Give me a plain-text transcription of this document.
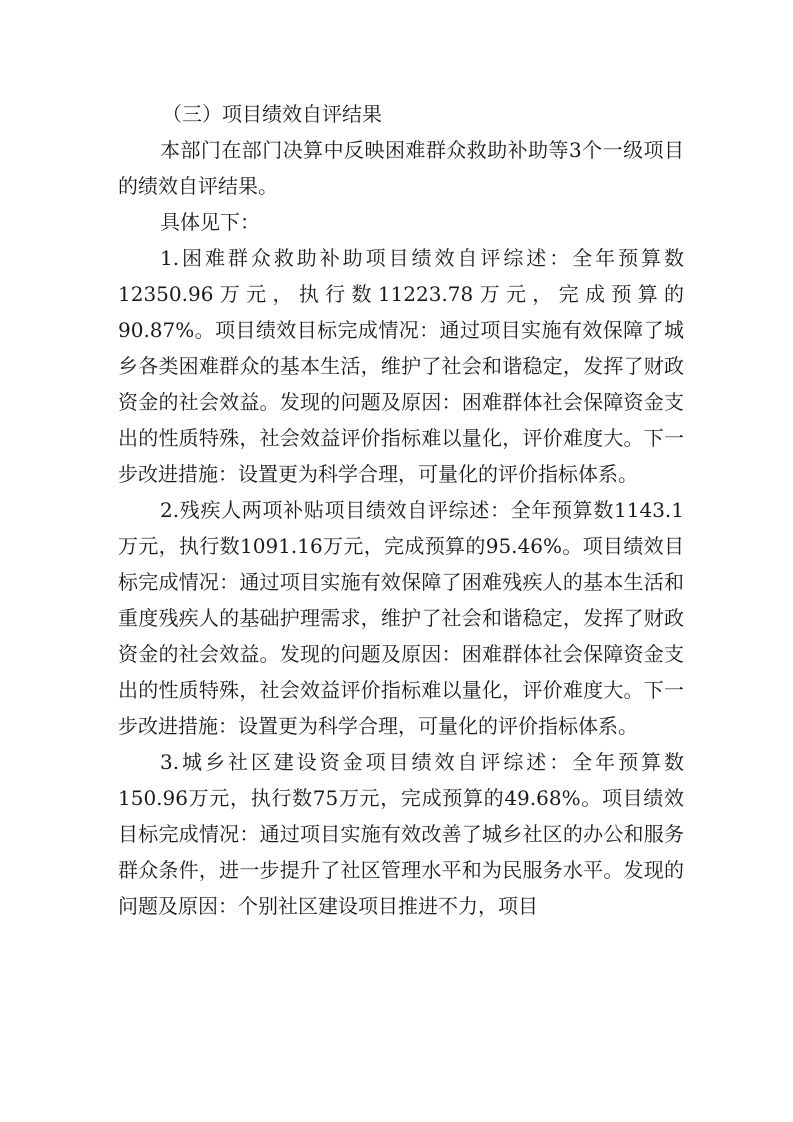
（三）项目绩效自评结果

本部门在部门决算中反映困难群众救助补助等3个一级项目的绩效自评结果。

具体见下：

1.困难群众救助补助项目绩效自评综述：全年预算数12350.96万元，执行数11223.78万元，完成预算的90.87%。项目绩效目标完成情况：通过项目实施有效保障了城乡各类困难群众的基本生活，维护了社会和谐稳定，发挥了财政资金的社会效益。发现的问题及原因：困难群体社会保障资金支出的性质特殊，社会效益评价指标难以量化，评价难度大。下一步改进措施：设置更为科学合理，可量化的评价指标体系。

2.残疾人两项补贴项目绩效自评综述：全年预算数1143.1万元，执行数1091.16万元，完成预算的95.46%。项目绩效目标完成情况：通过项目实施有效保障了困难残疾人的基本生活和重度残疾人的基础护理需求，维护了社会和谐稳定，发挥了财政资金的社会效益。发现的问题及原因：困难群体社会保障资金支出的性质特殊，社会效益评价指标难以量化，评价难度大。下一步改进措施：设置更为科学合理，可量化的评价指标体系。

3.城乡社区建设资金项目绩效自评综述：全年预算数150.96万元，执行数75万元，完成预算的49.68%。项目绩效目标完成情况：通过项目实施有效改善了城乡社区的办公和服务群众条件，进一步提升了社区管理水平和为民服务水平。发现的问题及原因：个别社区建设项目推进不力，项目
